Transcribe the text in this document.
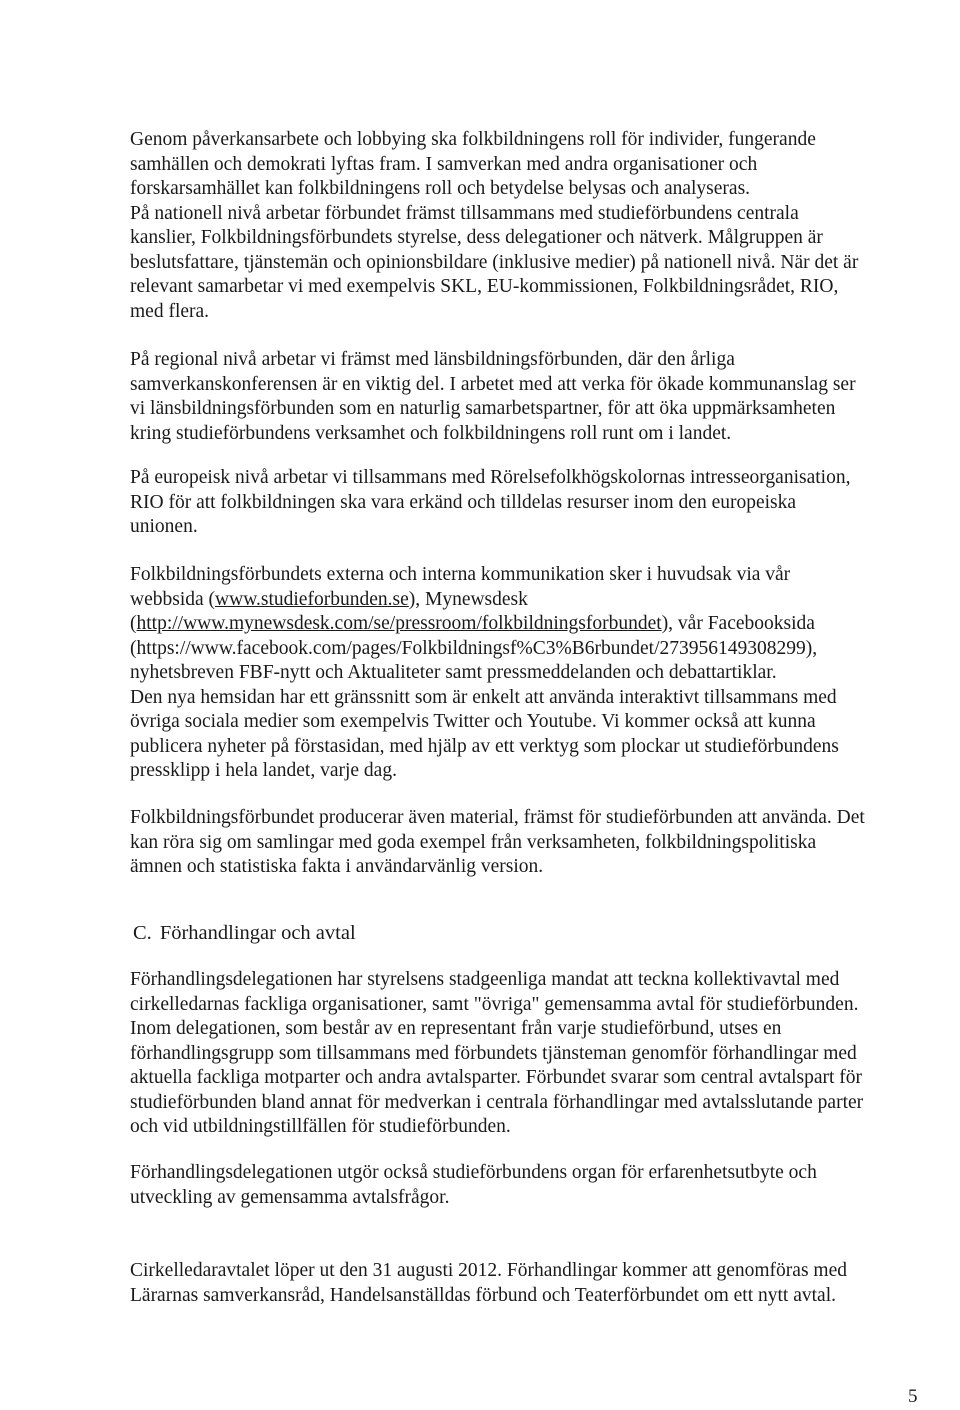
Genom påverkansarbete och lobbying ska folkbildningens roll för individer, fungerande
samhällen och demokrati lyftas fram. I samverkan med andra organisationer och
forskarsamhället kan folkbildningens roll och betydelse belysas och analyseras.
På nationell nivå arbetar förbundet främst tillsammans med studieförbundens centrala
kanslier, Folkbildningsförbundets styrelse, dess delegationer och nätverk. Målgruppen är
beslutsfattare, tjänstemän och opinionsbildare (inklusive medier) på nationell nivå. När det är
relevant samarbetar vi med exempelvis SKL, EU-kommissionen, Folkbildningsrådet, RIO,
med flera.
På regional nivå arbetar vi främst med länsbildningsförbunden, där den årliga
samverkanskonferensen är en viktig del. I arbetet med att verka för ökade kommunanslag ser
vi länsbildningsförbunden som en naturlig samarbetspartner, för att öka uppmärksamheten
kring studieförbundens verksamhet och folkbildningens roll runt om i landet.
På europeisk nivå arbetar vi tillsammans med Rörelsefolkhögskolornas intresseorganisation,
RIO för att folkbildningen ska vara erkänd och tilldelas resurser inom den europeiska
unionen.
Folkbildningsförbundets externa och interna kommunikation sker i huvudsak via vår
webbsida (www.studieforbunden.se), Mynewsdesk
(http://www.mynewsdesk.com/se/pressroom/folkbildningsforbundet), vår Facebooksida
(https://www.facebook.com/pages/Folkbildningsf%C3%B6rbundet/273956149308299),
nyhetsbreven FBF-nytt och Aktualiteter samt pressmeddelanden och debattartiklar.
Den nya hemsidan har ett gränssnitt som är enkelt att använda interaktivt tillsammans med
övriga sociala medier som exempelvis Twitter och Youtube. Vi kommer också att kunna
publicera nyheter på förstasidan, med hjälp av ett verktyg som plockar ut studieförbundens
pressklipp i hela landet, varje dag.
Folkbildningsförbundet producerar även material, främst för studieförbunden att använda. Det
kan röra sig om samlingar med goda exempel från verksamheten, folkbildningspolitiska
ämnen och statistiska fakta i användarvänlig version.
C. Förhandlingar och avtal
Förhandlingsdelegationen har styrelsens stadgeenliga mandat att teckna kollektivavtal med
cirkelledarnas fackliga organisationer, samt "övriga" gemensamma avtal för studieförbunden.
Inom delegationen, som består av en representant från varje studieförbund, utses en
förhandlingsgrupp som tillsammans med förbundets tjänsteman genomför förhandlingar med
aktuella fackliga motparter och andra avtalsparter. Förbundet svarar som central avtalspart för
studieförbunden bland annat för medverkan i centrala förhandlingar med avtalsslutande parter
och vid utbildningstillfällen för studieförbunden.
Förhandlingsdelegationen utgör också studieförbundens organ för erfarenhetsutbyte och
utveckling av gemensamma avtalsfrågor.
Cirkelledaravtalet löper ut den 31 augusti 2012. Förhandlingar kommer att genomföras med
Lärarnas samverkansråd, Handelsanställdas förbund och Teaterförbundet om ett nytt avtal.
5
